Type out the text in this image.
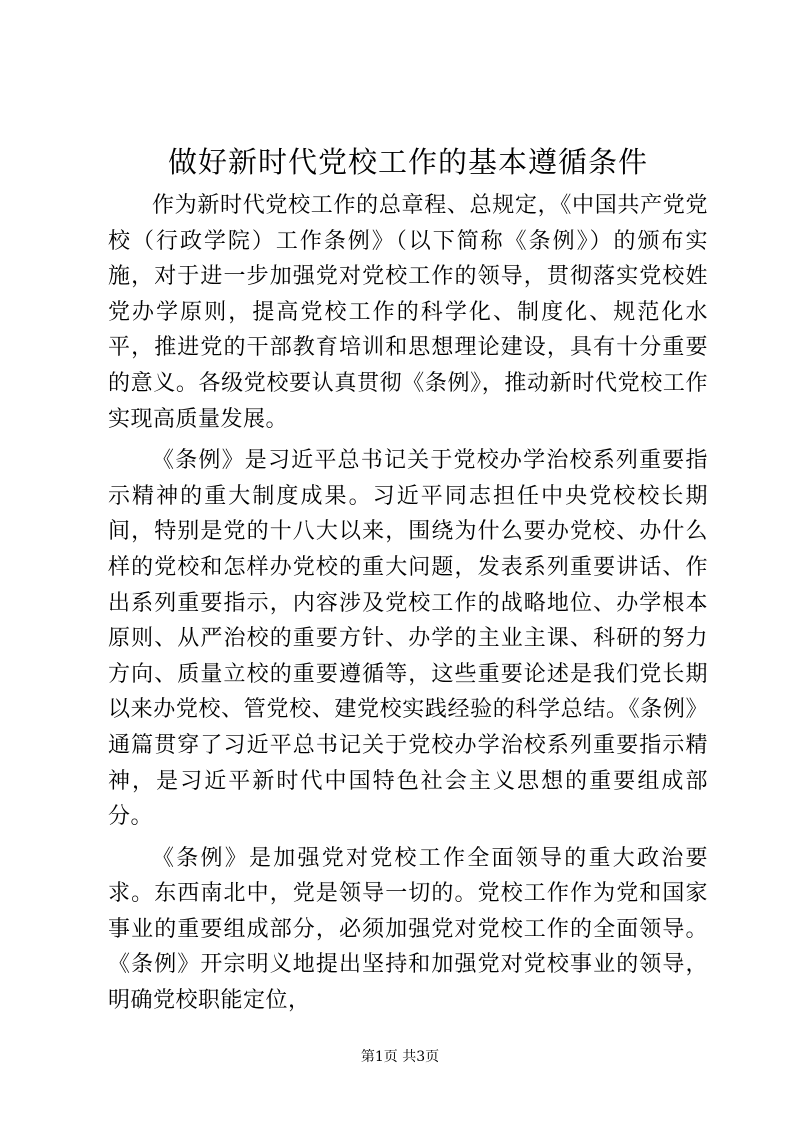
做好新时代党校工作的基本遵循条件

作为新时代党校工作的总章程、总规定，《中国共产党党校（行政学院）工作条例》（以下简称《条例》）的颁布实施，对于进一步加强党对党校工作的领导，贯彻落实党校姓党办学原则，提高党校工作的科学化、制度化、规范化水平，推进党的干部教育培训和思想理论建设，具有十分重要的意义。各级党校要认真贯彻《条例》，推动新时代党校工作实现高质量发展。

《条例》是习近平总书记关于党校办学治校系列重要指示精神的重大制度成果。习近平同志担任中央党校校长期间，特别是党的十八大以来，围绕为什么要办党校、办什么样的党校和怎样办党校的重大问题，发表系列重要讲话、作出系列重要指示，内容涉及党校工作的战略地位、办学根本原则、从严治校的重要方针、办学的主业主课、科研的努力方向、质量立校的重要遵循等，这些重要论述是我们党长期以来办党校、管党校、建党校实践经验的科学总结。《条例》通篇贯穿了习近平总书记关于党校办学治校系列重要指示精神，是习近平新时代中国特色社会主义思想的重要组成部分。

《条例》是加强党对党校工作全面领导的重大政治要求。东西南北中，党是领导一切的。党校工作作为党和国家事业的重要组成部分，必须加强党对党校工作的全面领导。《条例》开宗明义地提出坚持和加强党对党校事业的领导，明确党校职能定位，

第1页 共3页
